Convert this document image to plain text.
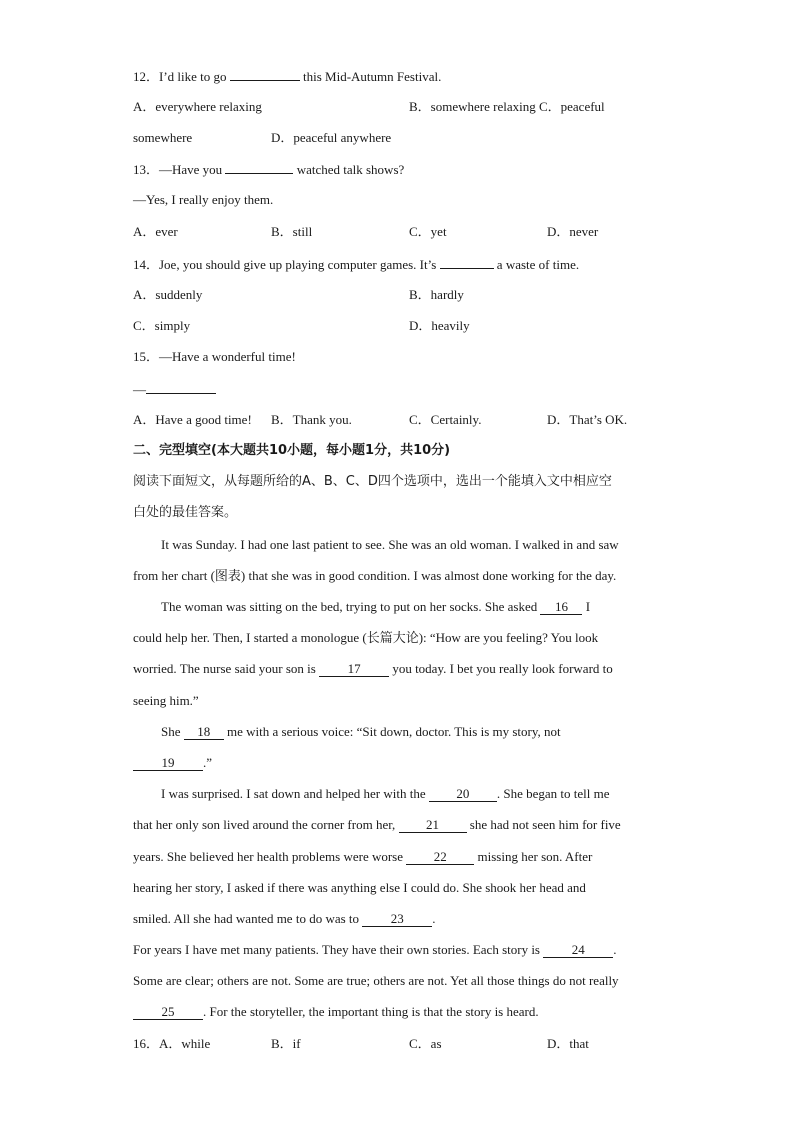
12．I’d like to go	this Mid-Autumn Festival.
A．everywhere relaxing	B．somewhere relaxing C．peaceful
somewhere	D．peaceful anywhere
13．—Have you	watched talk shows?
—Yes, I really enjoy them.
A．ever	B．still	C．yet	D．never
14．Joe, you should give up playing computer games. It’s	a waste of time.
A．suddenly	B．hardly
C．simply	D．heavily
15．—Have a wonderful time!
—
A．Have a good time! B．Thank you.	C．Certainly.	D．That’s OK.
二、完型填空(本大题共10小题，每小题1分，共10分)
阅读下面短文，从每题所给的A、B、C、D四个选项中，选出一个能填入文中相应空
白处的最佳答案。
It was Sunday. I had one last patient to see. She was an old woman. I walked in and saw
from her chart (图表) that she was in good condition. I was almost done working for the day.
The woman was sitting on the bed, trying to put on her socks. She asked 16 I
could help her. Then, I started a monologue (长篇大论): “How are you feeling? You look
worried. The nurse said your son is 17 you today. I bet you really look forward to
seeing him.”
She 18 me with a serious voice: “Sit down, doctor. This is my story, not
19 .”
I was surprised. I sat down and helped her with the 20 . She began to tell me
that her only son lived around the corner from her, 21 she had not seen him for five
years. She believed her health problems were worse 22 missing her son. After
hearing her story, I asked if there was anything else I could do. She shook her head and
smiled. All she had wanted me to do was to 23 .
For years I have met many patients. They have their own stories. Each story is 24 .
Some are clear; others are not. Some are true; others are not. Yet all those things do not really
25 . For the storyteller, the important thing is that the story is heard.
16．A．while	B．if	C．as	D．that
